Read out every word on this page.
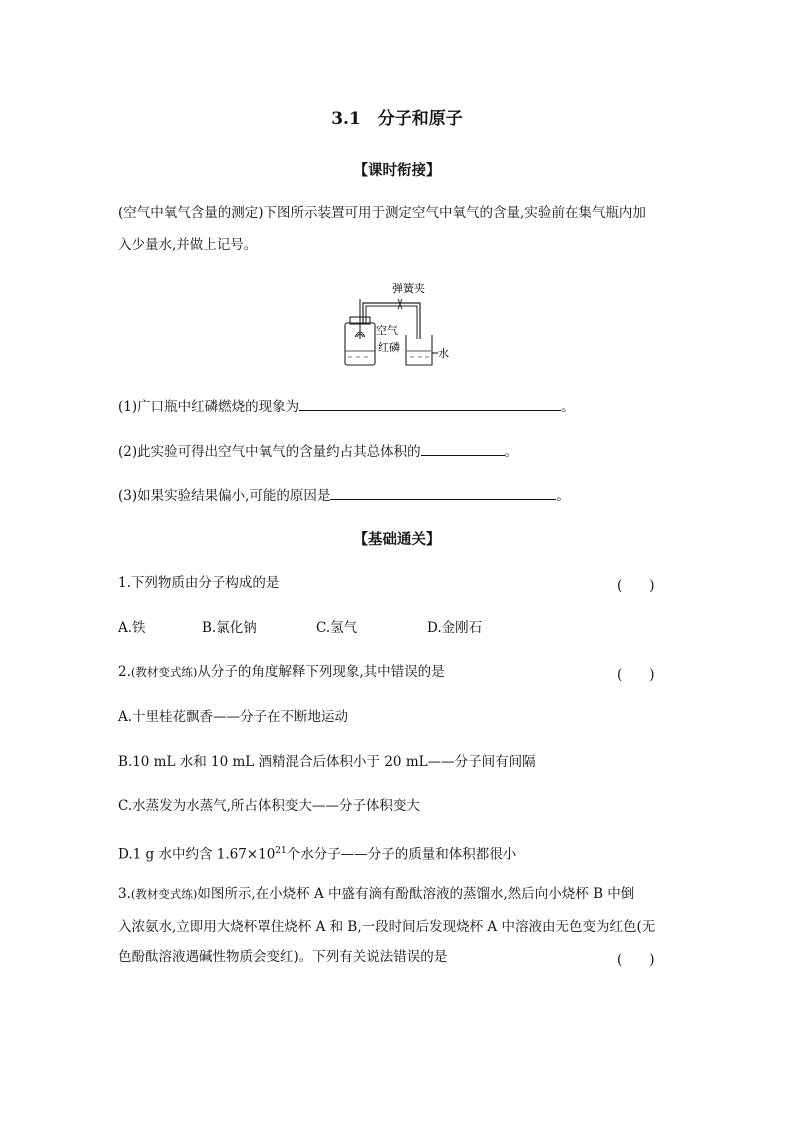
3.1　分子和原子
【课时衔接】
(空气中氧气含量的测定)下图所示装置可用于测定空气中氧气的含量,实验前在集气瓶内加
入少量水,并做上记号。
弹簧夹
空气
红磷	水
(1)广口瓶中红磷燃烧的现象为	。
(2)此实验可得出空气中氧气的含量约占其总体积的	。
(3)如果实验结果偏小,可能的原因是	。
【基础通关】
1.下列物质由分子构成的是	(　　)
A.铁	B.氯化钠	C.氢气	D.金刚石
2.(教材变式练)从分子的角度解释下列现象,其中错误的是	(　　)
A.十里桂花飘香——分子在不断地运动
B.10 mL 水和 10 mL 酒精混合后体积小于 20 mL——分子间有间隔
C.水蒸发为水蒸气,所占体积变大——分子体积变大
D.1 g 水中约含 $1.67\times 10^{21}$个水分子——分子的质量和体积都很小
3.(教材变式练)如图所示,在小烧杯 A 中盛有滴有酚酞溶液的蒸馏水,然后向小烧杯 B 中倒
入浓氨水,立即用大烧杯罩住烧杯 A 和 B,一段时间后发现烧杯 A 中溶液由无色变为红色(无
色酚酞溶液遇碱性物质会变红)。下列有关说法错误的是	(　　)
